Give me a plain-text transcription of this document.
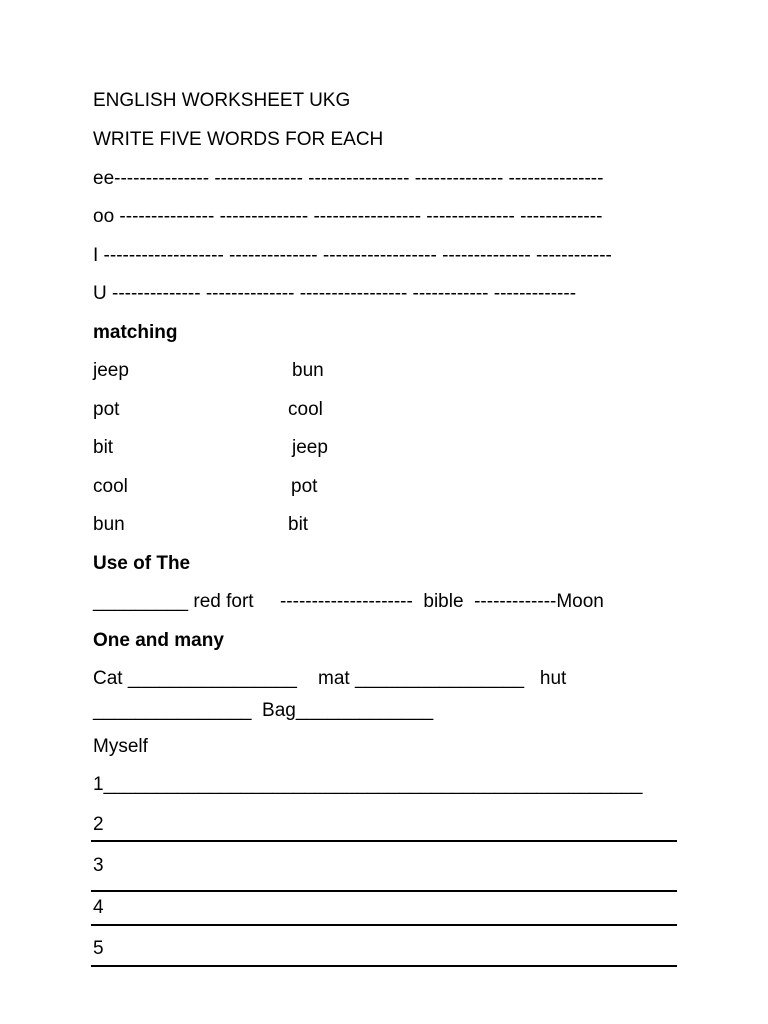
ENGLISH WORKSHEET UKG
WRITE FIVE WORDS FOR EACH
ee--------------- -------------- ---------------- -------------- ---------------
oo --------------- -------------- ----------------- -------------- -------------
I ------------------- -------------- ------------------ -------------- ------------
U -------------- -------------- ----------------- ------------ -------------
matching
jeep	bun
pot	cool
bit	jeep
cool	pot
bun	bit
Use of The
_________ red fort     ---------------------  bible  -------------Moon
One and many
Cat ________________    mat ________________   hut
_______________  Bag_____________
Myself
1___________________________________________________
2
3
4
5
